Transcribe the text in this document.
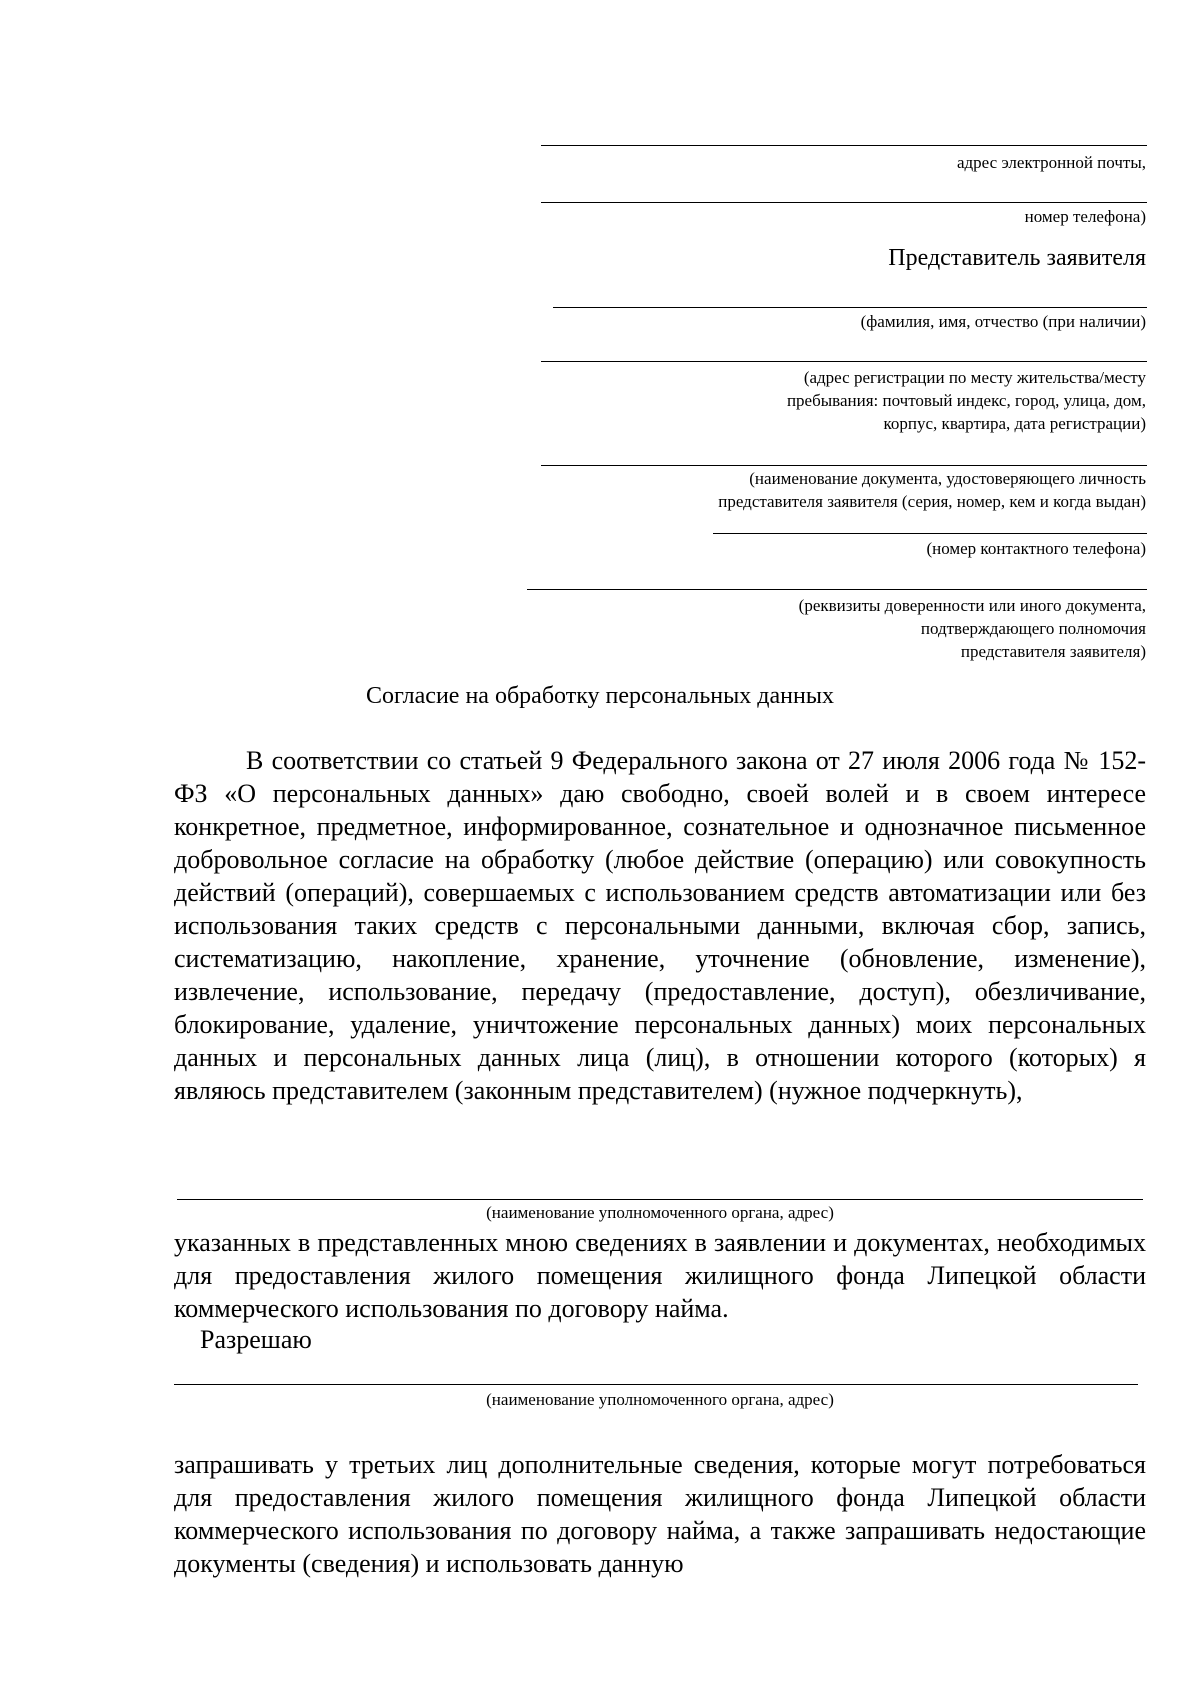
адрес электронной почты,
номер телефона)
Представитель заявителя
(фамилия, имя, отчество (при наличии)
(адрес регистрации по месту жительства/месту
пребывания: почтовый индекс, город, улица, дом,
корпус, квартира, дата регистрации)
(наименование документа, удостоверяющего личность
представителя заявителя (серия, номер, кем и когда выдан)
(номер контактного телефона)
(реквизиты доверенности или иного документа,
подтверждающего полномочия
представителя заявителя)
Согласие на обработку персональных данных
В соответствии со статьей 9 Федерального закона от 27 июля 2006 года № 152-ФЗ «О персональных данных» даю свободно, своей волей и в своем интересе конкретное, предметное, информированное, сознательное и однозначное письменное добровольное согласие на обработку (любое действие (операцию) или совокупность действий (операций), совершаемых с использованием средств автоматизации или без использования таких средств с персональными данными, включая сбор, запись, систематизацию, накопление, хранение, уточнение (обновление, изменение), извлечение, использование, передачу (предоставление, доступ), обезличивание, блокирование, удаление, уничтожение персональных данных) моих персональных данных и персональных данных лица (лиц), в отношении которого (которых) я являюсь представителем (законным представителем) (нужное подчеркнуть),
(наименование уполномоченного органа, адрес)
указанных в представленных мною сведениях в заявлении и документах, необходимых для предоставления жилого помещения жилищного фонда Липецкой области коммерческого использования по договору найма.
Разрешаю
(наименование уполномоченного органа, адрес)
запрашивать у третьих лиц дополнительные сведения, которые могут потребоваться для предоставления жилого помещения жилищного фонда Липецкой области коммерческого использования по договору найма, а также запрашивать недостающие документы (сведения) и использовать данную
